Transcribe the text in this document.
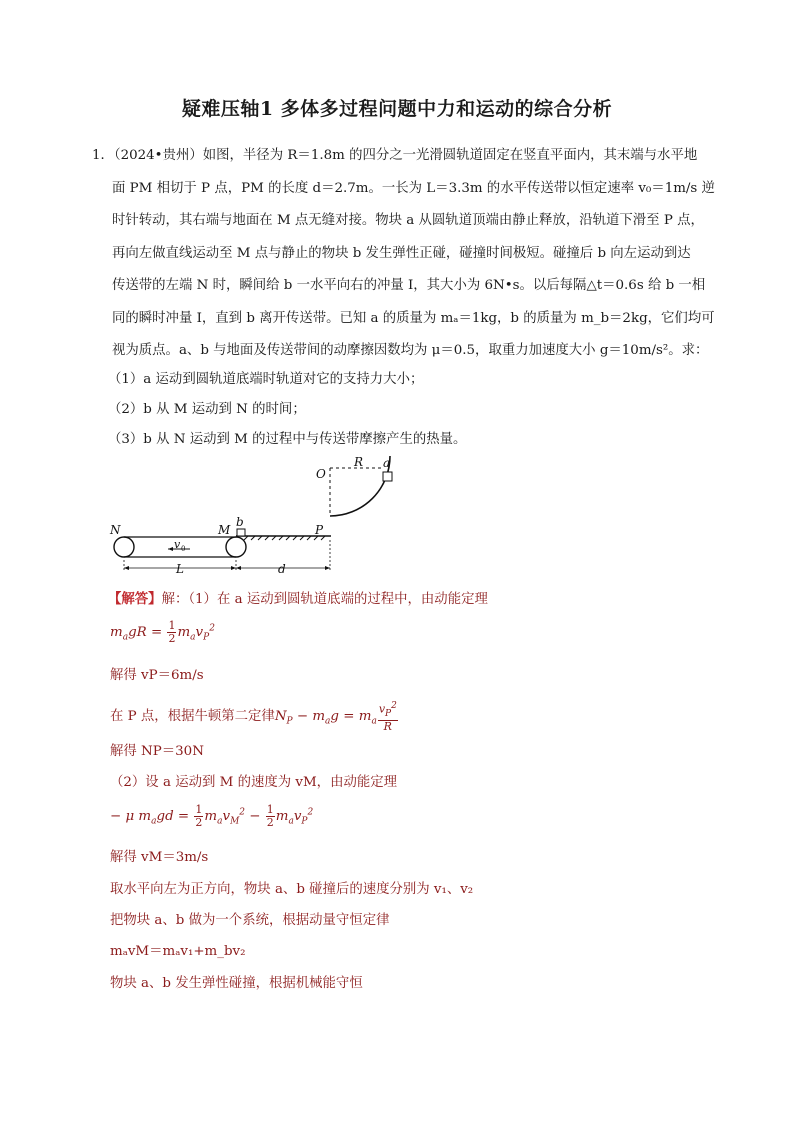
疑难压轴1 多体多过程问题中力和运动的综合分析
1．（2024•贵州）如图，半径为 R＝1.8m 的四分之一光滑圆轨道固定在竖直平面内，其末端与水平地
面 PM 相切于 P 点，PM 的长度 d＝2.7m。一长为 L＝3.3m 的水平传送带以恒定速率 v₀＝1m/s 逆
时针转动，其右端与地面在 M 点无缝对接。物块 a 从圆轨道顶端由静止释放，沿轨道下滑至 P 点，
再向左做直线运动至 M 点与静止的物块 b 发生弹性正碰，碰撞时间极短。碰撞后 b 向左运动到达
传送带的左端 N 时，瞬间给 b 一水平向右的冲量 I，其大小为 6N•s。以后每隔△t＝0.6s 给 b 一相
同的瞬时冲量 I，直到 b 离开传送带。已知 a 的质量为 mₐ＝1kg，b 的质量为 m_b＝2kg，它们均可
视为质点。a、b 与地面及传送带间的动摩擦因数均为 μ＝0.5，取重力加速度大小 g＝10m/s²。求：
（1）a 运动到圆轨道底端时轨道对它的支持力大小；
（2）b 从 M 运动到 N 的时间；
（3）b 从 N 运动到 M 的过程中与传送带摩擦产生的热量。
O
R a
N	M
b
P
v 0
L	d
【解答】解：（1）在 a 运动到圆轨道底端的过程中，由动能定理
$m_agR = \frac{1}{2} m_av_P^2$
解得 vP＝6m/s
在 P 点，根据牛顿第二定律$N_P - m_ag = m_a \frac{v_P^2}{R}$
解得 NP＝30N
（2）设 a 运动到 M 的速度为 vM，由动能定理
− μ $m_agd = \frac{1}{2} m_av_M^2 - \frac{1}{2} m_av_P^2$
解得 vM＝3m/s
取水平向左为正方向，物块 a、b 碰撞后的速度分别为 v₁、v₂
把物块 a、b 做为一个系统，根据动量守恒定律
mₐvM＝mₐv₁+m_bv₂
物块 a、b 发生弹性碰撞，根据机械能守恒
